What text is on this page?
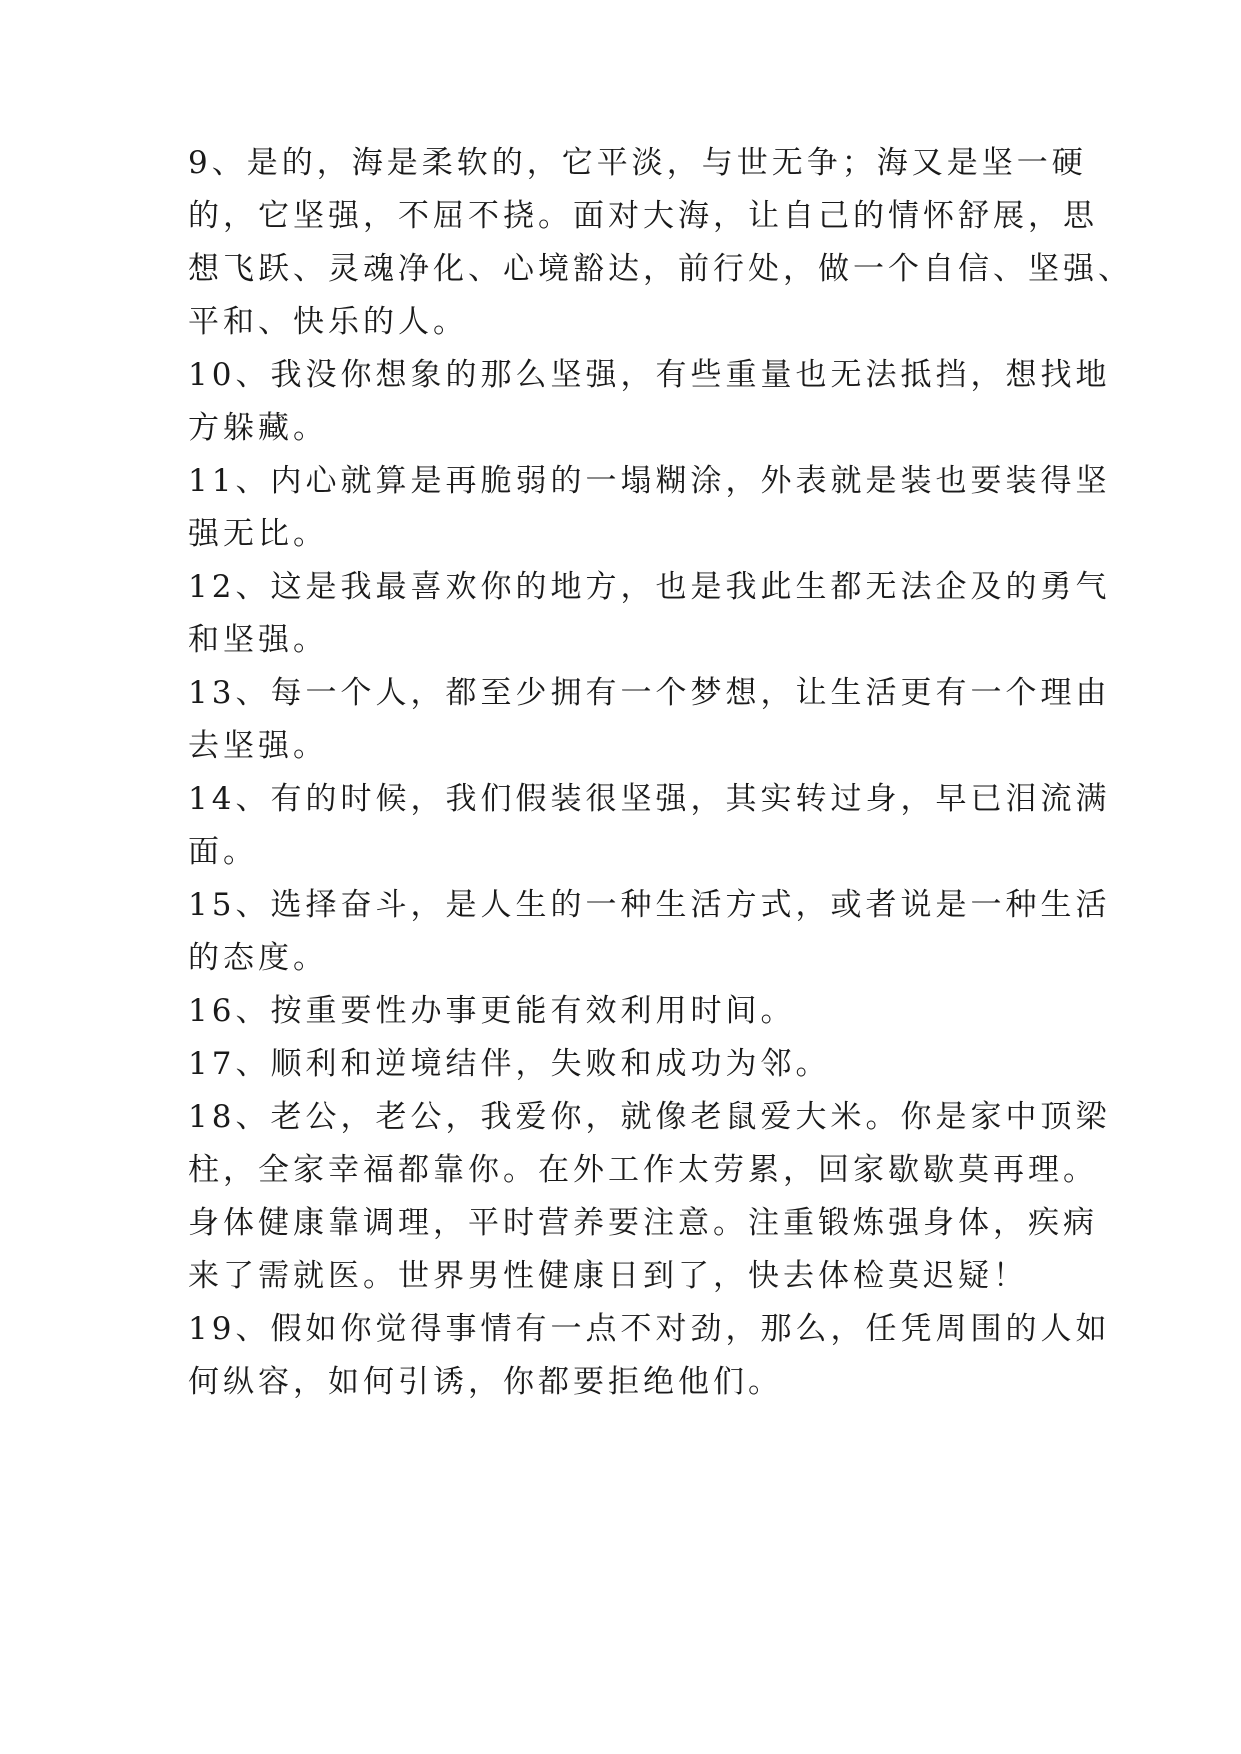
9、是的，海是柔软的，它平淡，与世无争；海又是坚一硬
的，它坚强，不屈不挠。面对大海，让自己的情怀舒展，思
想飞跃、灵魂净化、心境豁达，前行处，做一个自信、坚强、
平和、快乐的人。
10、我没你想象的那么坚强，有些重量也无法抵挡，想找地
方躲藏。
11、内心就算是再脆弱的一塌糊涂，外表就是装也要装得坚
强无比。
12、这是我最喜欢你的地方，也是我此生都无法企及的勇气
和坚强。
13、每一个人，都至少拥有一个梦想，让生活更有一个理由
去坚强。
14、有的时候，我们假装很坚强，其实转过身，早已泪流满
面。
15、选择奋斗，是人生的一种生活方式，或者说是一种生活
的态度。
16、按重要性办事更能有效利用时间。
17、顺利和逆境结伴，失败和成功为邻。
18、老公，老公，我爱你，就像老鼠爱大米。你是家中顶梁
柱，全家幸福都靠你。在外工作太劳累，回家歇歇莫再理。
身体健康靠调理，平时营养要注意。注重锻炼强身体，疾病
来了需就医。世界男性健康日到了，快去体检莫迟疑！
19、假如你觉得事情有一点不对劲，那么，任凭周围的人如
何纵容，如何引诱，你都要拒绝他们。
